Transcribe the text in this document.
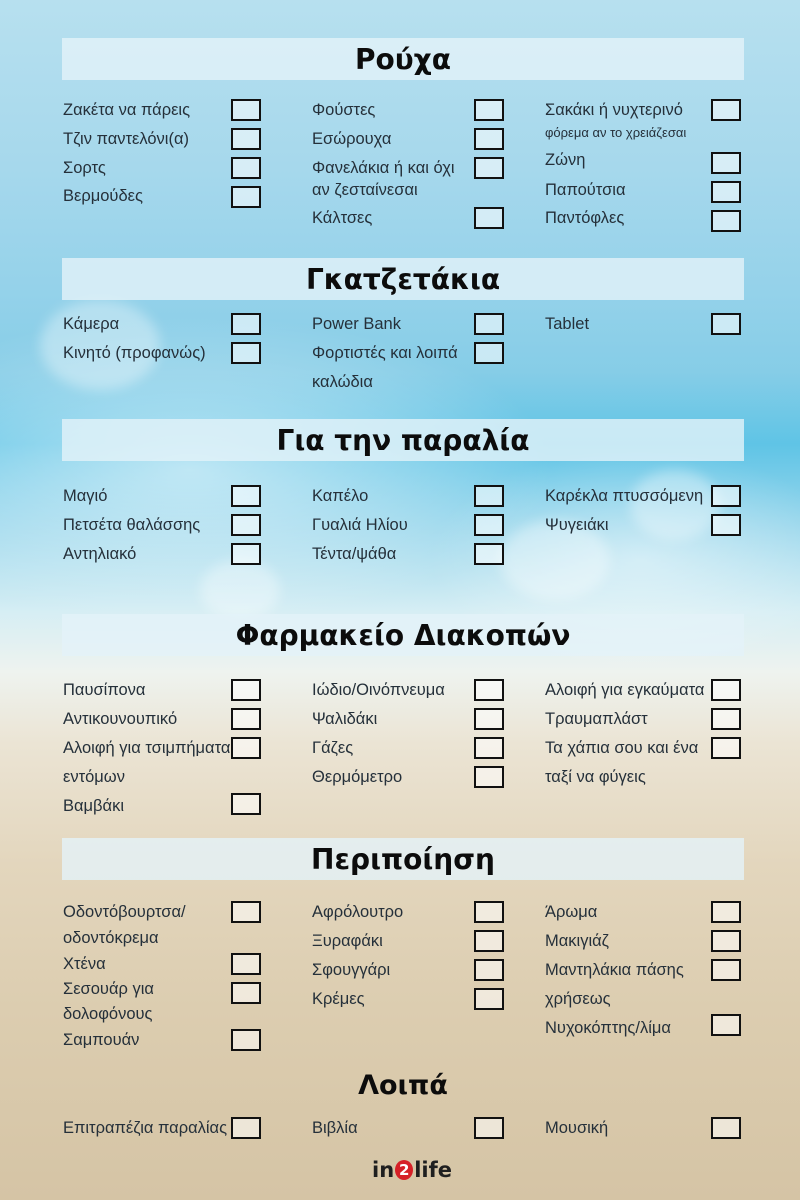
Ρούχα
Ζακέτα να πάρεις
Τζιν παντελόνι(α)
Σορτς
Βερμούδες
Φούστες
Εσώρουχα
Φανελάκια ή και όχι
αν ζεσταίνεσαι
Κάλτσες
Σακάκι ή νυχτερινό
φόρεμα αν το χρειάζεσαι
Ζώνη
Παπούτσια
Παντόφλες
Γκατζετάκια
Κάμερα
Κινητό (προφανώς)
Power Bank
Φορτιστές και λοιπά
καλώδια
Tablet
Για την παραλία
Μαγιό
Πετσέτα θαλάσσης
Αντηλιακό
Καπέλο
Γυαλιά Ηλίου
Τέντα/ψάθα
Καρέκλα πτυσσόμενη
Ψυγειάκι
Φαρμακείο Διακοπών
Παυσίπονα
Αντικουνουπικό
Αλοιφή για τσιμπήματα
εντόμων
Βαμβάκι
Ιώδιο/Οινόπνευμα
Ψαλιδάκι
Γάζες
Θερμόμετρο
Αλοιφή για εγκαύματα
Τραυμαπλάστ
Τα χάπια σου και ένα
ταξί να φύγεις
Περιποίηση
Οδοντόβουρτσα/
οδοντόκρεμα
Χτένα
Σεσουάρ για
δολοφόνους
Σαμπουάν
Αφρόλουτρο
Ξυραφάκι
Σφουγγάρι
Κρέμες
Άρωμα
Μακιγιάζ
Μαντηλάκια πάσης
χρήσεως
Νυχοκόπτης/λίμα
Λοιπά
Επιτραπέζια παραλίας	Βιβλία	Μουσική
in 2 life
